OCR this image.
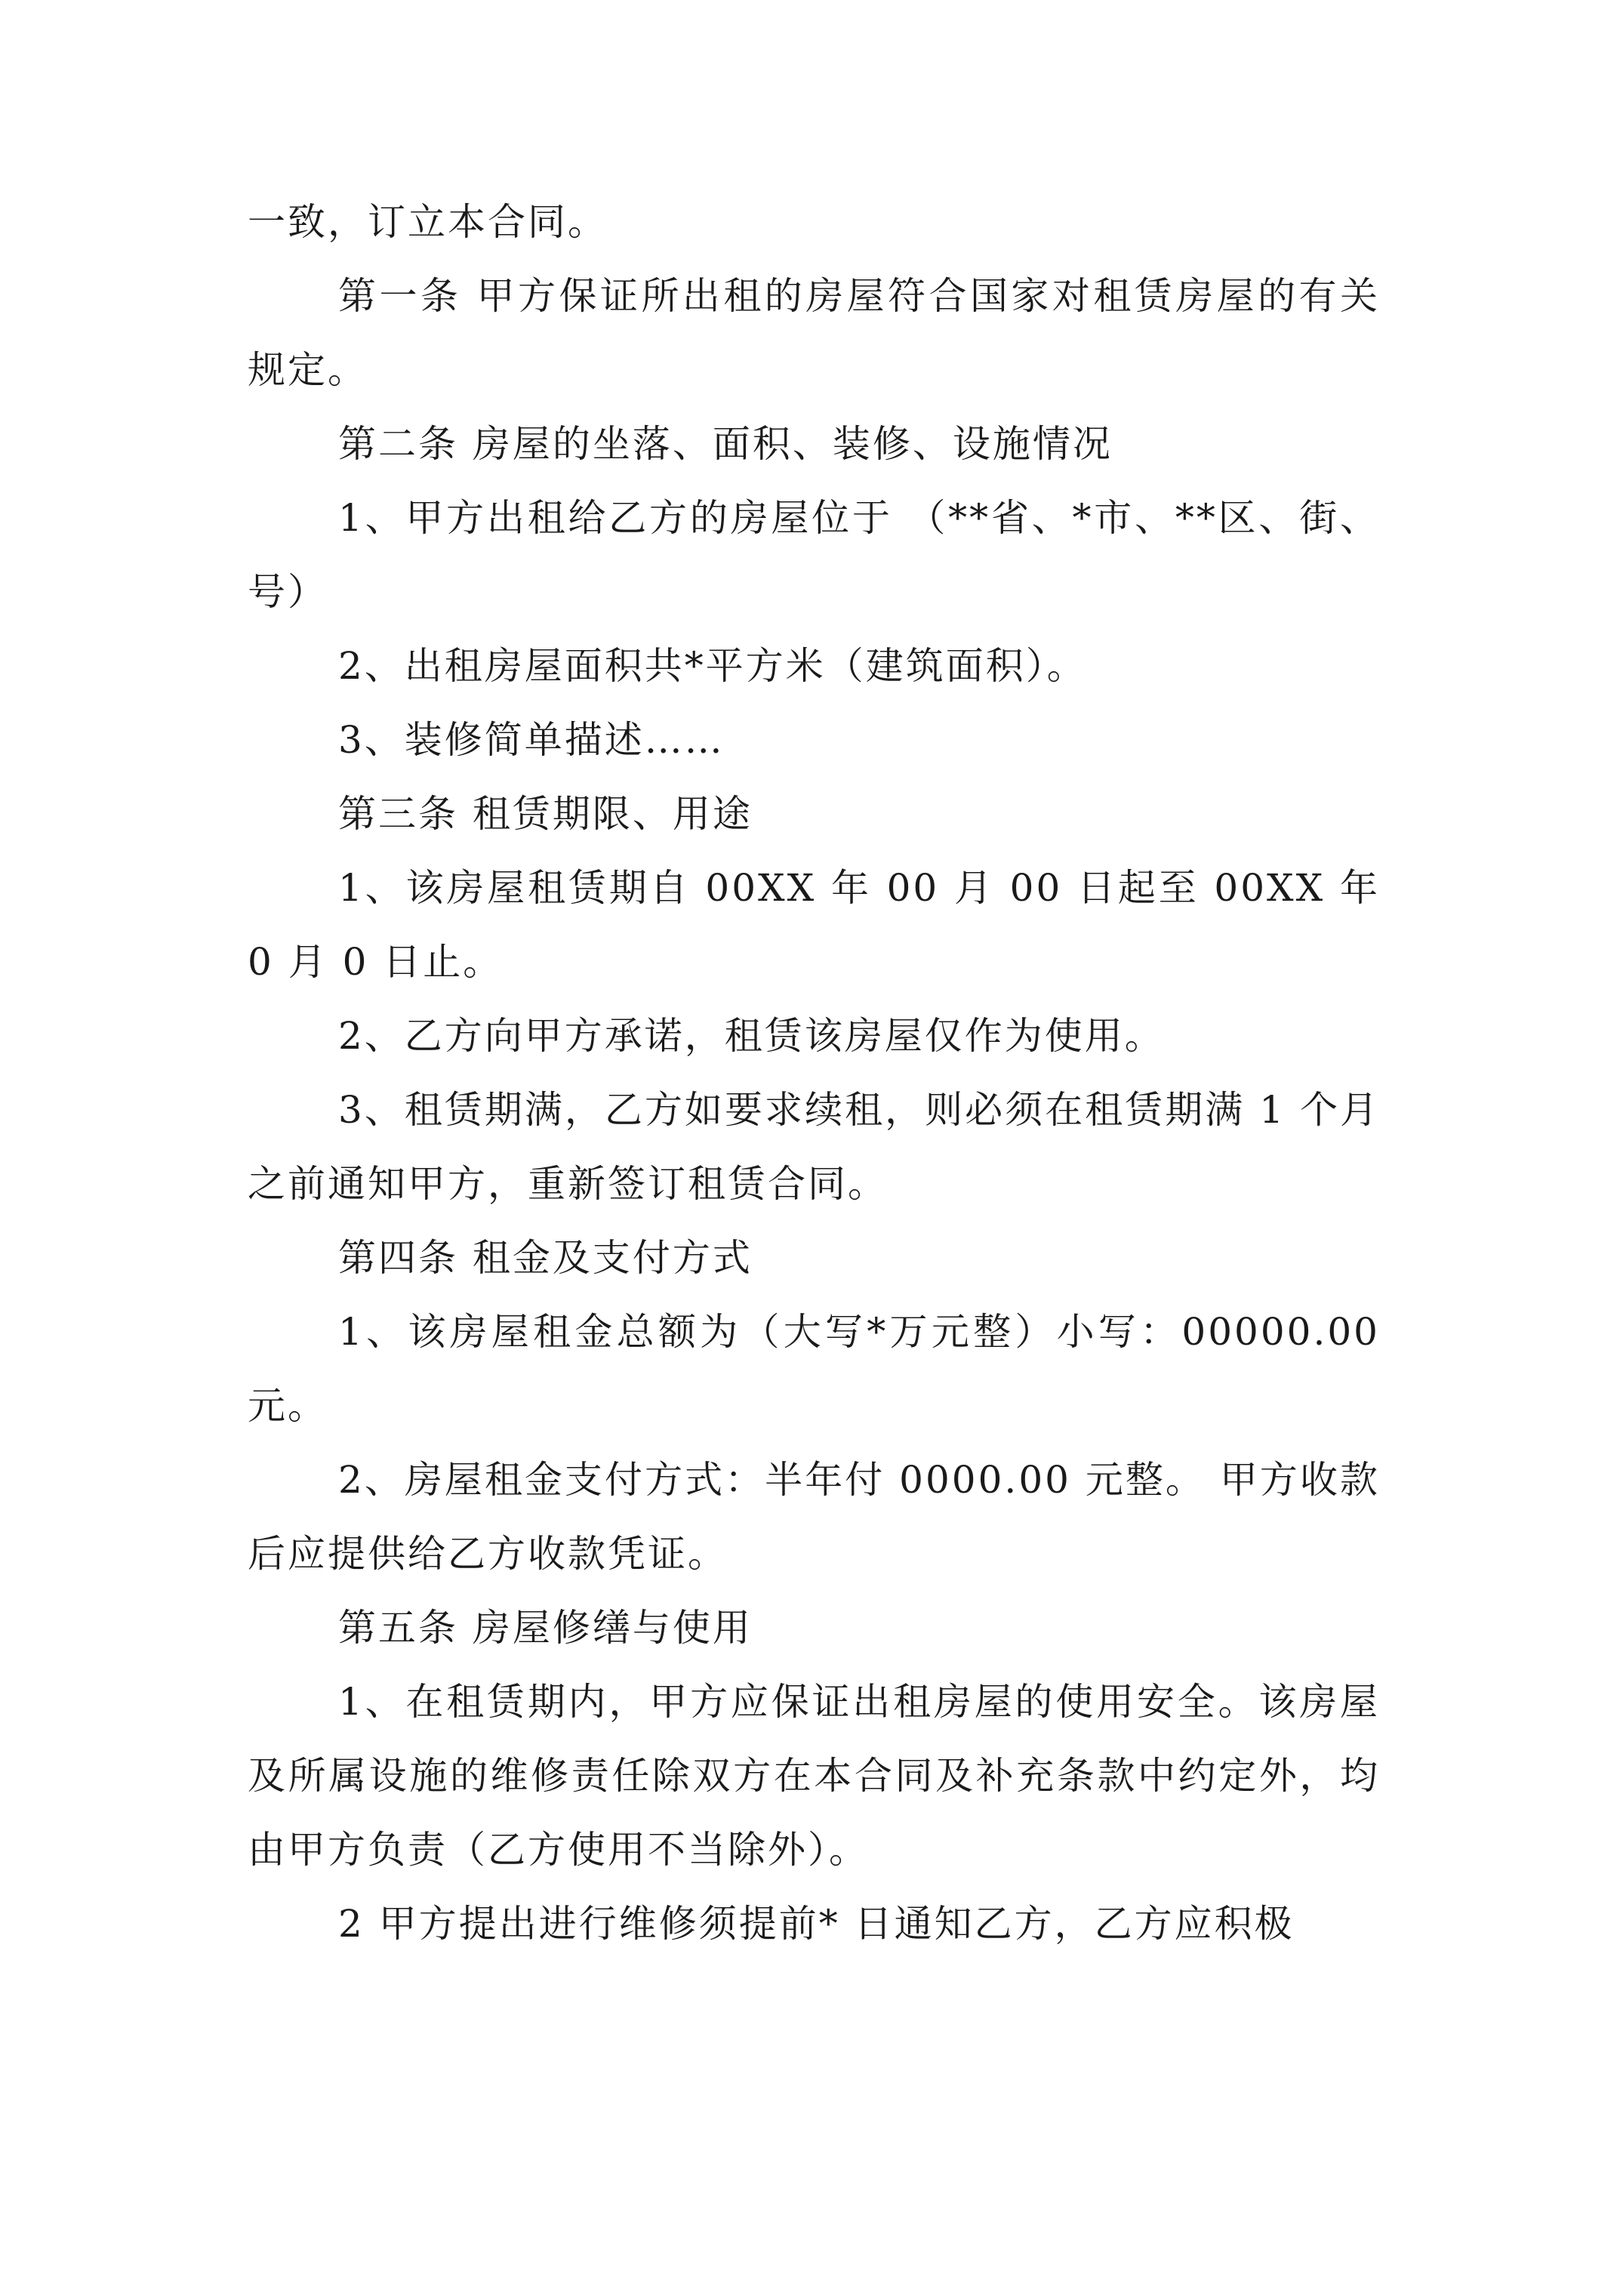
一致，订立本合同。

第一条 甲方保证所出租的房屋符合国家对租赁房屋的有关规定。

第二条 房屋的坐落、面积、装修、设施情况

1、甲方出租给乙方的房屋位于 （**省、*市、**区、街、号）

2、出租房屋面积共*平方米（建筑面积）。

3、装修简单描述……

第三条 租赁期限、用途

1、该房屋租赁期自 00XX 年 00 月 00 日起至 00XX 年 0 月 0 日止。

2、乙方向甲方承诺，租赁该房屋仅作为使用。

3、租赁期满，乙方如要求续租，则必须在租赁期满 1 个月之前通知甲方，重新签订租赁合同。

第四条 租金及支付方式

1、该房屋租金总额为（大写*万元整）小写：00000.00 元。

2、房屋租金支付方式：半年付 0000.00 元整。 甲方收款后应提供给乙方收款凭证。

第五条 房屋修缮与使用

1、在租赁期内，甲方应保证出租房屋的使用安全。该房屋及所属设施的维修责任除双方在本合同及补充条款中约定外，均由甲方负责（乙方使用不当除外）。

2 甲方提出进行维修须提前* 日通知乙方，乙方应积极
